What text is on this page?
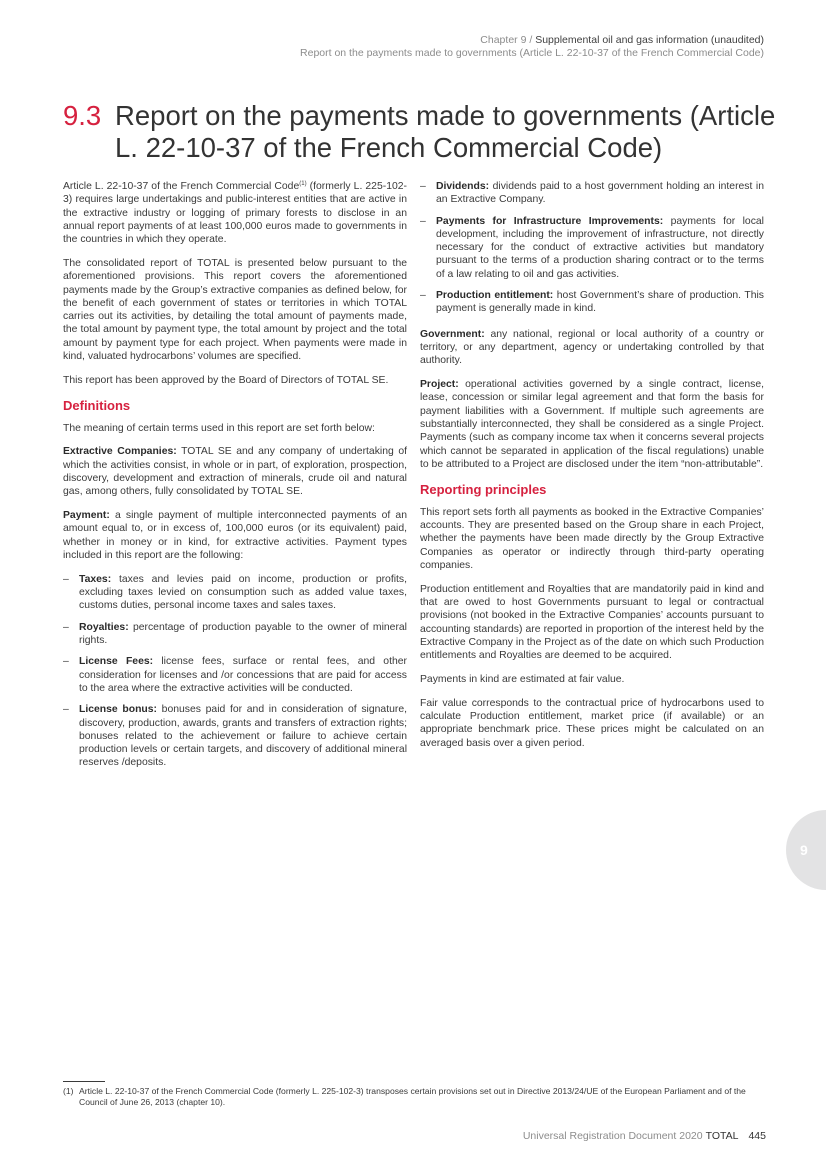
Chapter 9 / Supplemental oil and gas information (unaudited)
Report on the payments made to governments (Article L. 22-10-37 of the French Commercial Code)
9.3 Report on the payments made to governments (Article L. 22-10-37 of the French Commercial Code)

Article L. 22-10-37 of the French Commercial Code$^{(1)}$ (formerly L. 225-102-3) requires large undertakings and public-interest entities that are active in the extractive industry or logging of primary forests to disclose in an annual report payments of at least 100,000 euros made to governments in the countries in which they operate.

The consolidated report of TOTAL is presented below pursuant to the aforementioned provisions. This report covers the aforementioned payments made by the Group’s extractive companies as defined below, for the benefit of each government of states or territories in which TOTAL carries out its activities, by detailing the total amount of payments made, the total amount by payment type, the total amount by project and the total amount by payment type for each project. When payments were made in kind, valuated hydrocarbons’ volumes are specified.

This report has been approved by the Board of Directors of TOTAL SE.

Definitions

The meaning of certain terms used in this report are set forth below:

Extractive Companies: TOTAL SE and any company of undertaking of which the activities consist, in whole or in part, of exploration, prospection, discovery, development and extraction of minerals, crude oil and natural gas, among others, fully consolidated by TOTAL SE.

Payment: a single payment of multiple interconnected payments of an amount equal to, or in excess of, 100,000 euros (or its equivalent) paid, whether in money or in kind, for extractive activities. Payment types included in this report are the following:

– Taxes: taxes and levies paid on income, production or profits, excluding taxes levied on consumption such as added value taxes, customs duties, personal income taxes and sales taxes.
– Royalties: percentage of production payable to the owner of mineral rights.
– License Fees: license fees, surface or rental fees, and other consideration for licenses and /or concessions that are paid for access to the area where the extractive activities will be conducted.
– License bonus: bonuses paid for and in consideration of signature, discovery, production, awards, grants and transfers of extraction rights; bonuses related to the achievement or failure to achieve certain production levels or certain targets, and discovery of additional mineral reserves /deposits.
– Dividends: dividends paid to a host government holding an interest in an Extractive Company.
– Payments for Infrastructure Improvements: payments for local development, including the improvement of infrastructure, not directly necessary for the conduct of extractive activities but mandatory pursuant to the terms of a production sharing contract or to the terms of a law relating to oil and gas activities.
– Production entitlement: host Government’s share of production. This payment is generally made in kind.

Government: any national, regional or local authority of a country or territory, or any department, agency or undertaking controlled by that authority.

Project: operational activities governed by a single contract, license, lease, concession or similar legal agreement and that form the basis for payment liabilities with a Government. If multiple such agreements are substantially interconnected, they shall be considered as a single Project. Payments (such as company income tax when it concerns several projects which cannot be separated in application of the fiscal regulations) unable to be attributed to a Project are disclosed under the item “non-attributable”.

Reporting principles

This report sets forth all payments as booked in the Extractive Companies’ accounts. They are presented based on the Group share in each Project, whether the payments have been made directly by the Group Extractive Companies as operator or indirectly through third-party operating companies.

Production entitlement and Royalties that are mandatorily paid in kind and that are owed to host Governments pursuant to legal or contractual provisions (not booked in the Extractive Companies’ accounts pursuant to accounting standards) are reported in proportion of the interest held by the Extractive Company in the Project as of the date on which such Production entitlements and Royalties are deemed to be acquired.

Payments in kind are estimated at fair value.

Fair value corresponds to the contractual price of hydrocarbons used to calculate Production entitlement, market price (if available) or an appropriate benchmark price. These prices might be calculated on an averaged basis over a given period.

9
(1) Article L. 22-10-37 of the French Commercial Code (formerly L. 225-102-3) transposes certain provisions set out in Directive 2013/24/UE of the European Parliament and of the Council of June 26, 2013 (chapter 10).
Universal Registration Document 2020 TOTAL 445
